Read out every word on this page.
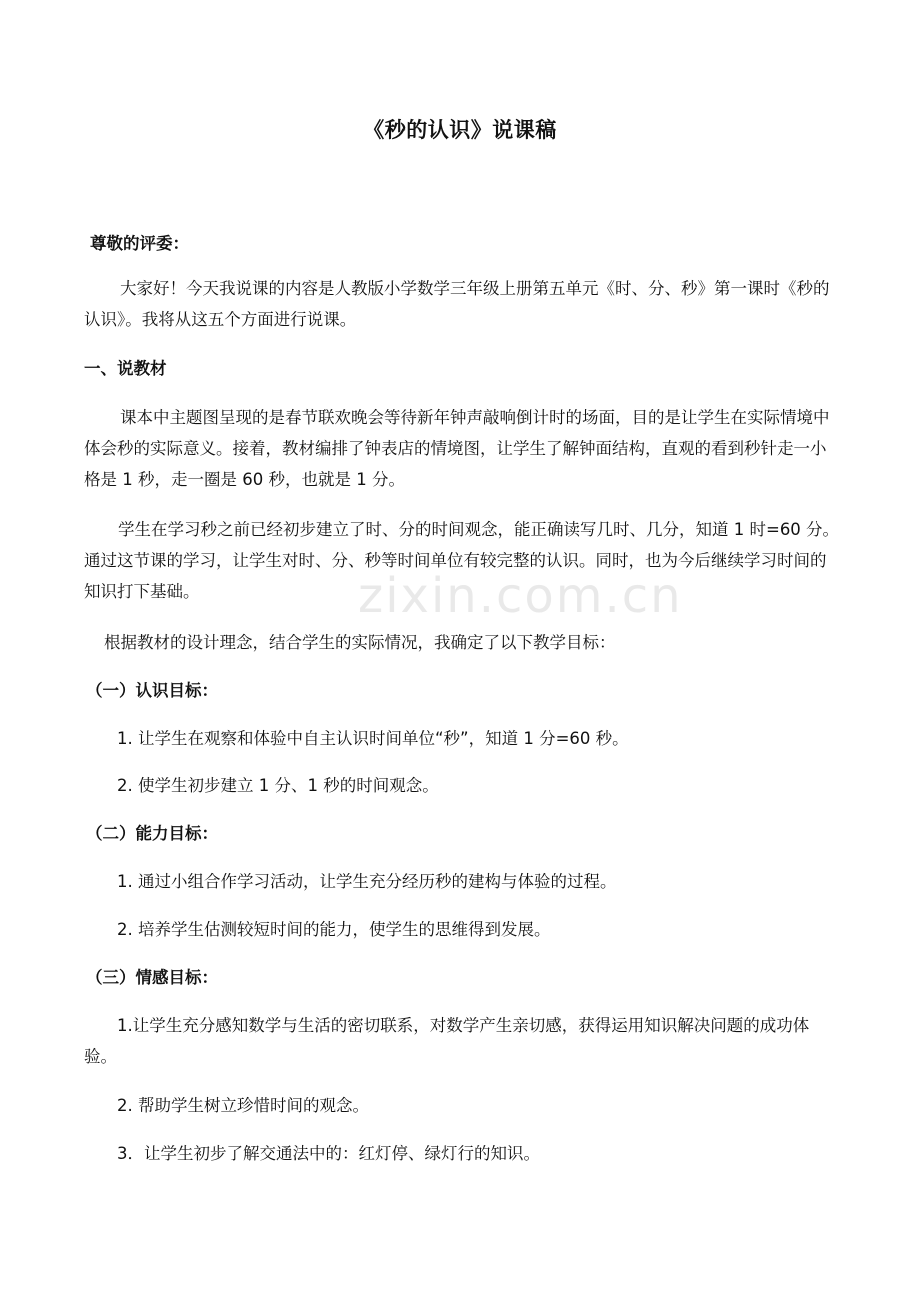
《秒的认识》说课稿
尊敬的评委：
大家好！今天我说课的内容是人教版小学数学三年级上册第五单元《时、分、秒》第一课时《秒的认识》。我将从这五个方面进行说课。
一、说教材
课本中主题图呈现的是春节联欢晚会等待新年钟声敲响倒计时的场面，目的是让学生在实际情境中体会秒的实际意义。接着，教材编排了钟表店的情境图，让学生了解钟面结构，直观的看到秒针走一小格是 1 秒，走一圈是 60 秒，也就是 1 分。
学生在学习秒之前已经初步建立了时、分的时间观念，能正确读写几时、几分，知道 1 时=60 分。通过这节课的学习，让学生对时、分、秒等时间单位有较完整的认识。同时，也为今后继续学习时间的知识打下基础。
根据教材的设计理念，结合学生的实际情况，我确定了以下教学目标：
（一）认识目标：
1. 让学生在观察和体验中自主认识时间单位“秒”，知道 1 分=60 秒。
2. 使学生初步建立 1 分、1 秒的时间观念。
（二）能力目标：
1. 通过小组合作学习活动，让学生充分经历秒的建构与体验的过程。
2. 培养学生估测较短时间的能力，使学生的思维得到发展。
（三）情感目标：
1.让学生充分感知数学与生活的密切联系，对数学产生亲切感，获得运用知识解决问题的成功体验。
2. 帮助学生树立珍惜时间的观念。
3．让学生初步了解交通法中的：红灯停、绿灯行的知识。
zixin.com.cn
